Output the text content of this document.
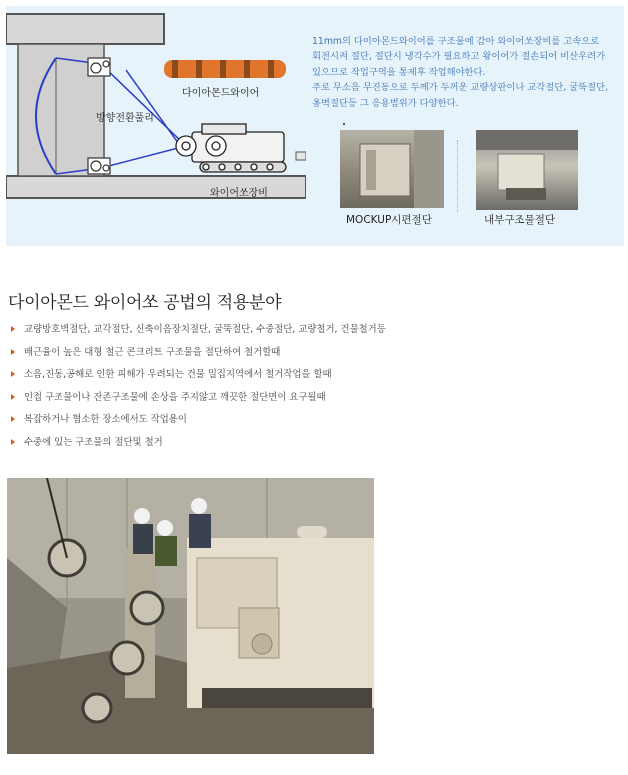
다이아몬드와이어
방향전환풀리
와이어쏘장비

11mm의 다이아몬드와이어를 구조물에 감아 와이어쏘장비를 고속으로

회전시켜 절단, 절단시 냉각수가 필요하고 왕이어가 절손되어 비산우려가

있으므로 작업구역을 통제후 작업해야한다.

주로 무소음 무진동으로 두께가 두꺼운 교량상판이나 교각절단, 굴뚝절단,

옹벽절단등 그 응용범위가 다양한다.

MOCKUP시편절단	내부구조물절단
다이아몬드 와이어쏘 공법의 적용분야
교량방호벽절단, 교각절단, 신축이음장치절단, 굴뚝절단, 수중절단, 교량철거, 건물철거등
배근율이 높은 대형 철근 콘크리트 구조물을 절단하여 철거할때
소음,진동,공해로 인한 피해가 우려되는 건물 밀집지역에서 철거작업을 할때
인접 구조물이나 잔존구조물에 손상을 주지않고 깨끗한 절단면이 요구될때
복잡하거나 협소한 장소에서도 작업용이
수중에 있는 구조물의 절단및 철거
